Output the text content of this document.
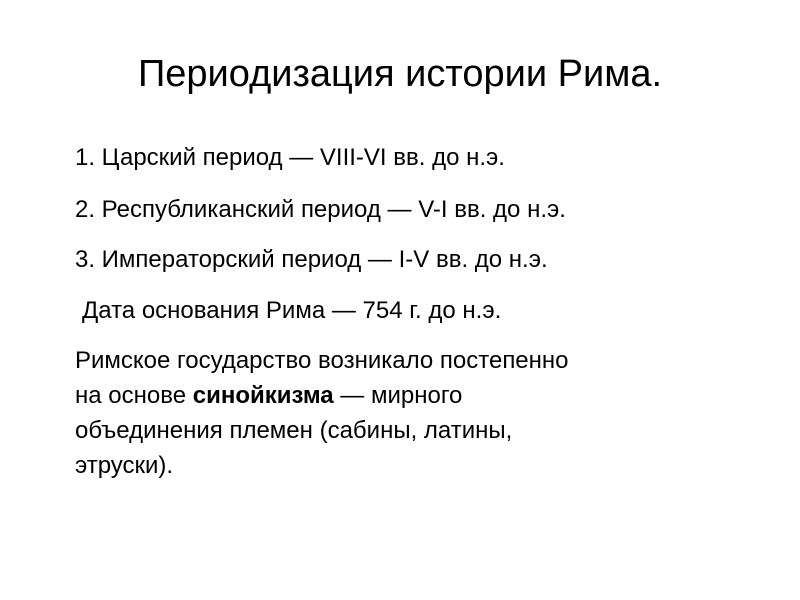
Периодизация истории Рима.
1. Царский период — VIII-VI вв. до н.э.
2. Республиканский период — V-I вв. до н.э.
3. Императорский период — I-V вв. до н.э.
Дата основания Рима — 754 г. до н.э.
Римское государство возникало постепенно
на основе синойкизма — мирного
объединения племен (сабины, латины,
этруски).
